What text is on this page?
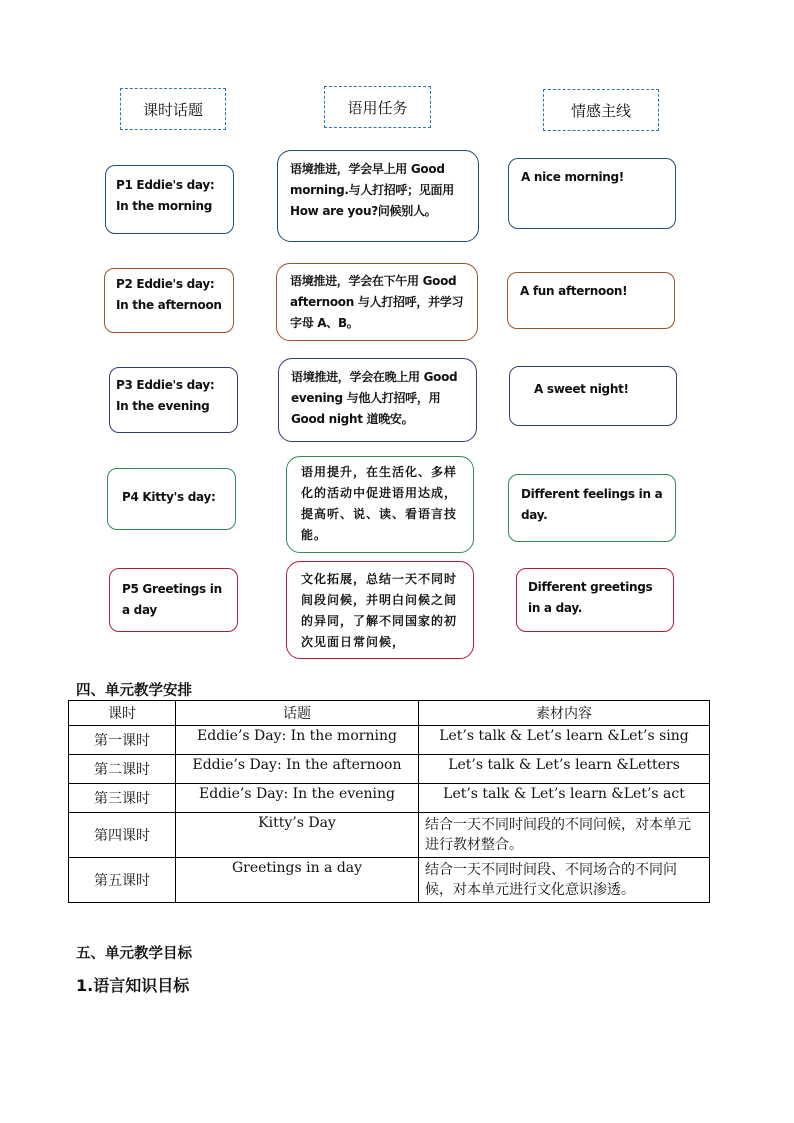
课时话题	语用任务	情感主线
P1 Eddie's day: In the morning
语境推进，学会早上用 Good morning.与人打招呼；见面用 How are you?问候别人。
A nice morning!
P2 Eddie's day: In the afternoon
语境推进，学会在下午用 Good afternoon 与人打招呼，并学习字母 A、B。
A fun afternoon!
P3 Eddie's day: In the evening
语境推进，学会在晚上用 Good evening 与他人打招呼，用 Good night 道晚安。
A sweet night!
P4 Kitty's day:
语用提升，在生活化、多样化的活动中促进语用达成，提高听、说、读、看语言技能。
Different feelings in a day.
P5 Greetings in a day
文化拓展，总结一天不同时间段问候，并明白问候之间的异同，了解不同国家的初次见面日常问候，
Different greetings in a day.
四、单元教学安排
课时	话题	素材内容
第一课时	Eddie’s Day: In the morning	Let’s talk & Let’s learn &Let’s sing
第二课时	Eddie’s Day: In the afternoon	Let’s talk & Let’s learn &Letters
第三课时	Eddie’s Day: In the evening	Let’s talk & Let’s learn &Let’s act
第四课时	Kitty’s Day	结合一天不同时间段的不同问候，对本单元进行教材整合。
第五课时	Greetings in a day	结合一天不同时间段、不同场合的不同问候，对本单元进行文化意识渗透。
五、单元教学目标
1.语言知识目标
